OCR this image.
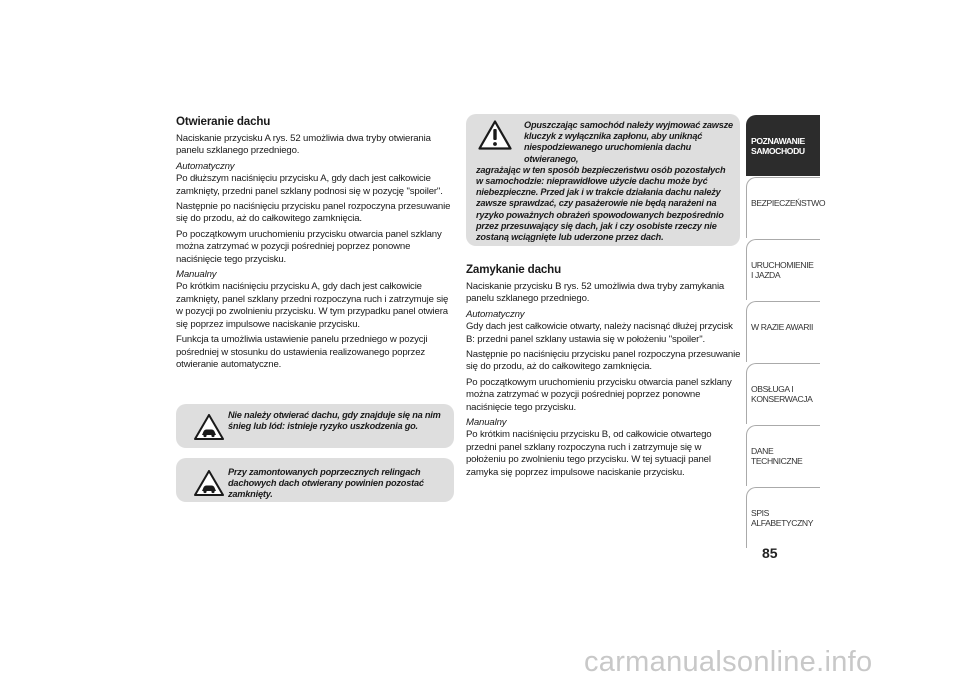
Otwieranie dachu

Naciskanie przycisku A rys. 52 umożliwia dwa tryby otwierania panelu szklanego przedniego.

Automatyczny

Po dłuższym naciśnięciu przycisku A, gdy dach jest całkowicie zamknięty, przedni panel szklany podnosi się w pozycję "spoiler".

Następnie po naciśnięciu przycisku panel rozpoczyna przesuwanie się do przodu, aż do całkowitego zamknięcia.

Po początkowym uruchomieniu przycisku otwarcia panel szklany można zatrzymać w pozycji pośredniej poprzez ponowne naciśnięcie tego przycisku.

Manualny

Po krótkim naciśnięciu przycisku A, gdy dach jest całkowicie zamknięty, panel szklany przedni rozpoczyna ruch i zatrzymuje się w pozycji po zwolnieniu przycisku. W tym przypadku panel otwiera się poprzez impulsowe naciskanie przycisku.

Funkcja ta umożliwia ustawienie panelu przedniego w pozycji pośredniej w stosunku do ustawienia realizowanego poprzez otwieranie automatyczne.

Nie należy otwierać dachu, gdy znajduje się na nim śnieg lub lód: istnieje ryzyko uszkodzenia go.
Przy zamontowanych poprzecznych relingach dachowych dach otwierany powinien pozostać zamknięty.
Opuszczając samochód należy wyjmować zawsze
kluczyk z wyłącznika zapłonu, aby uniknąć
niespodziewanego uruchomienia dachu otwieranego,
zagrażając w ten sposób bezpieczeństwu osób pozostałych w samochodzie: nieprawidłowe użycie dachu może być niebezpieczne. Przed jak i w trakcie działania dachu należy zawsze sprawdzać, czy pasażerowie nie będą narażeni na ryzyko poważnych obrażeń spowodowanych bezpośrednio przez przesuwający się dach, jak i czy osobiste rzeczy nie zostaną wciągnięte lub uderzone przez dach.
Zamykanie dachu

Naciskanie przycisku B rys. 52 umożliwia dwa tryby zamykania panelu szklanego przedniego.

Automatyczny

Gdy dach jest całkowicie otwarty, należy nacisnąć dłużej przycisk B: przedni panel szklany ustawia się w położeniu "spoiler".

Następnie po naciśnięciu przycisku panel rozpoczyna przesuwanie się do przodu, aż do całkowitego zamknięcia.

Po początkowym uruchomieniu przycisku otwarcia panel szklany można zatrzymać w pozycji pośredniej poprzez ponowne naciśnięcie tego przycisku.

Manualny

Po krótkim naciśnięciu przycisku B, od całkowicie otwartego przedni panel szklany rozpoczyna ruch i zatrzymuje się w położeniu po zwolnieniu tego przycisku. W tej sytuacji panel zamyka się poprzez impulsowe naciskanie przycisku.

POZNAWANIE SAMOCHODU
BEZPIECZEŃSTWO
URUCHOMIENIE I JAZDA
W RAZIE AWARII
OBSŁUGA I KONSERWACJA
DANE TECHNICZNE
SPIS ALFABETYCZNY
85
carmanualsonline.info
